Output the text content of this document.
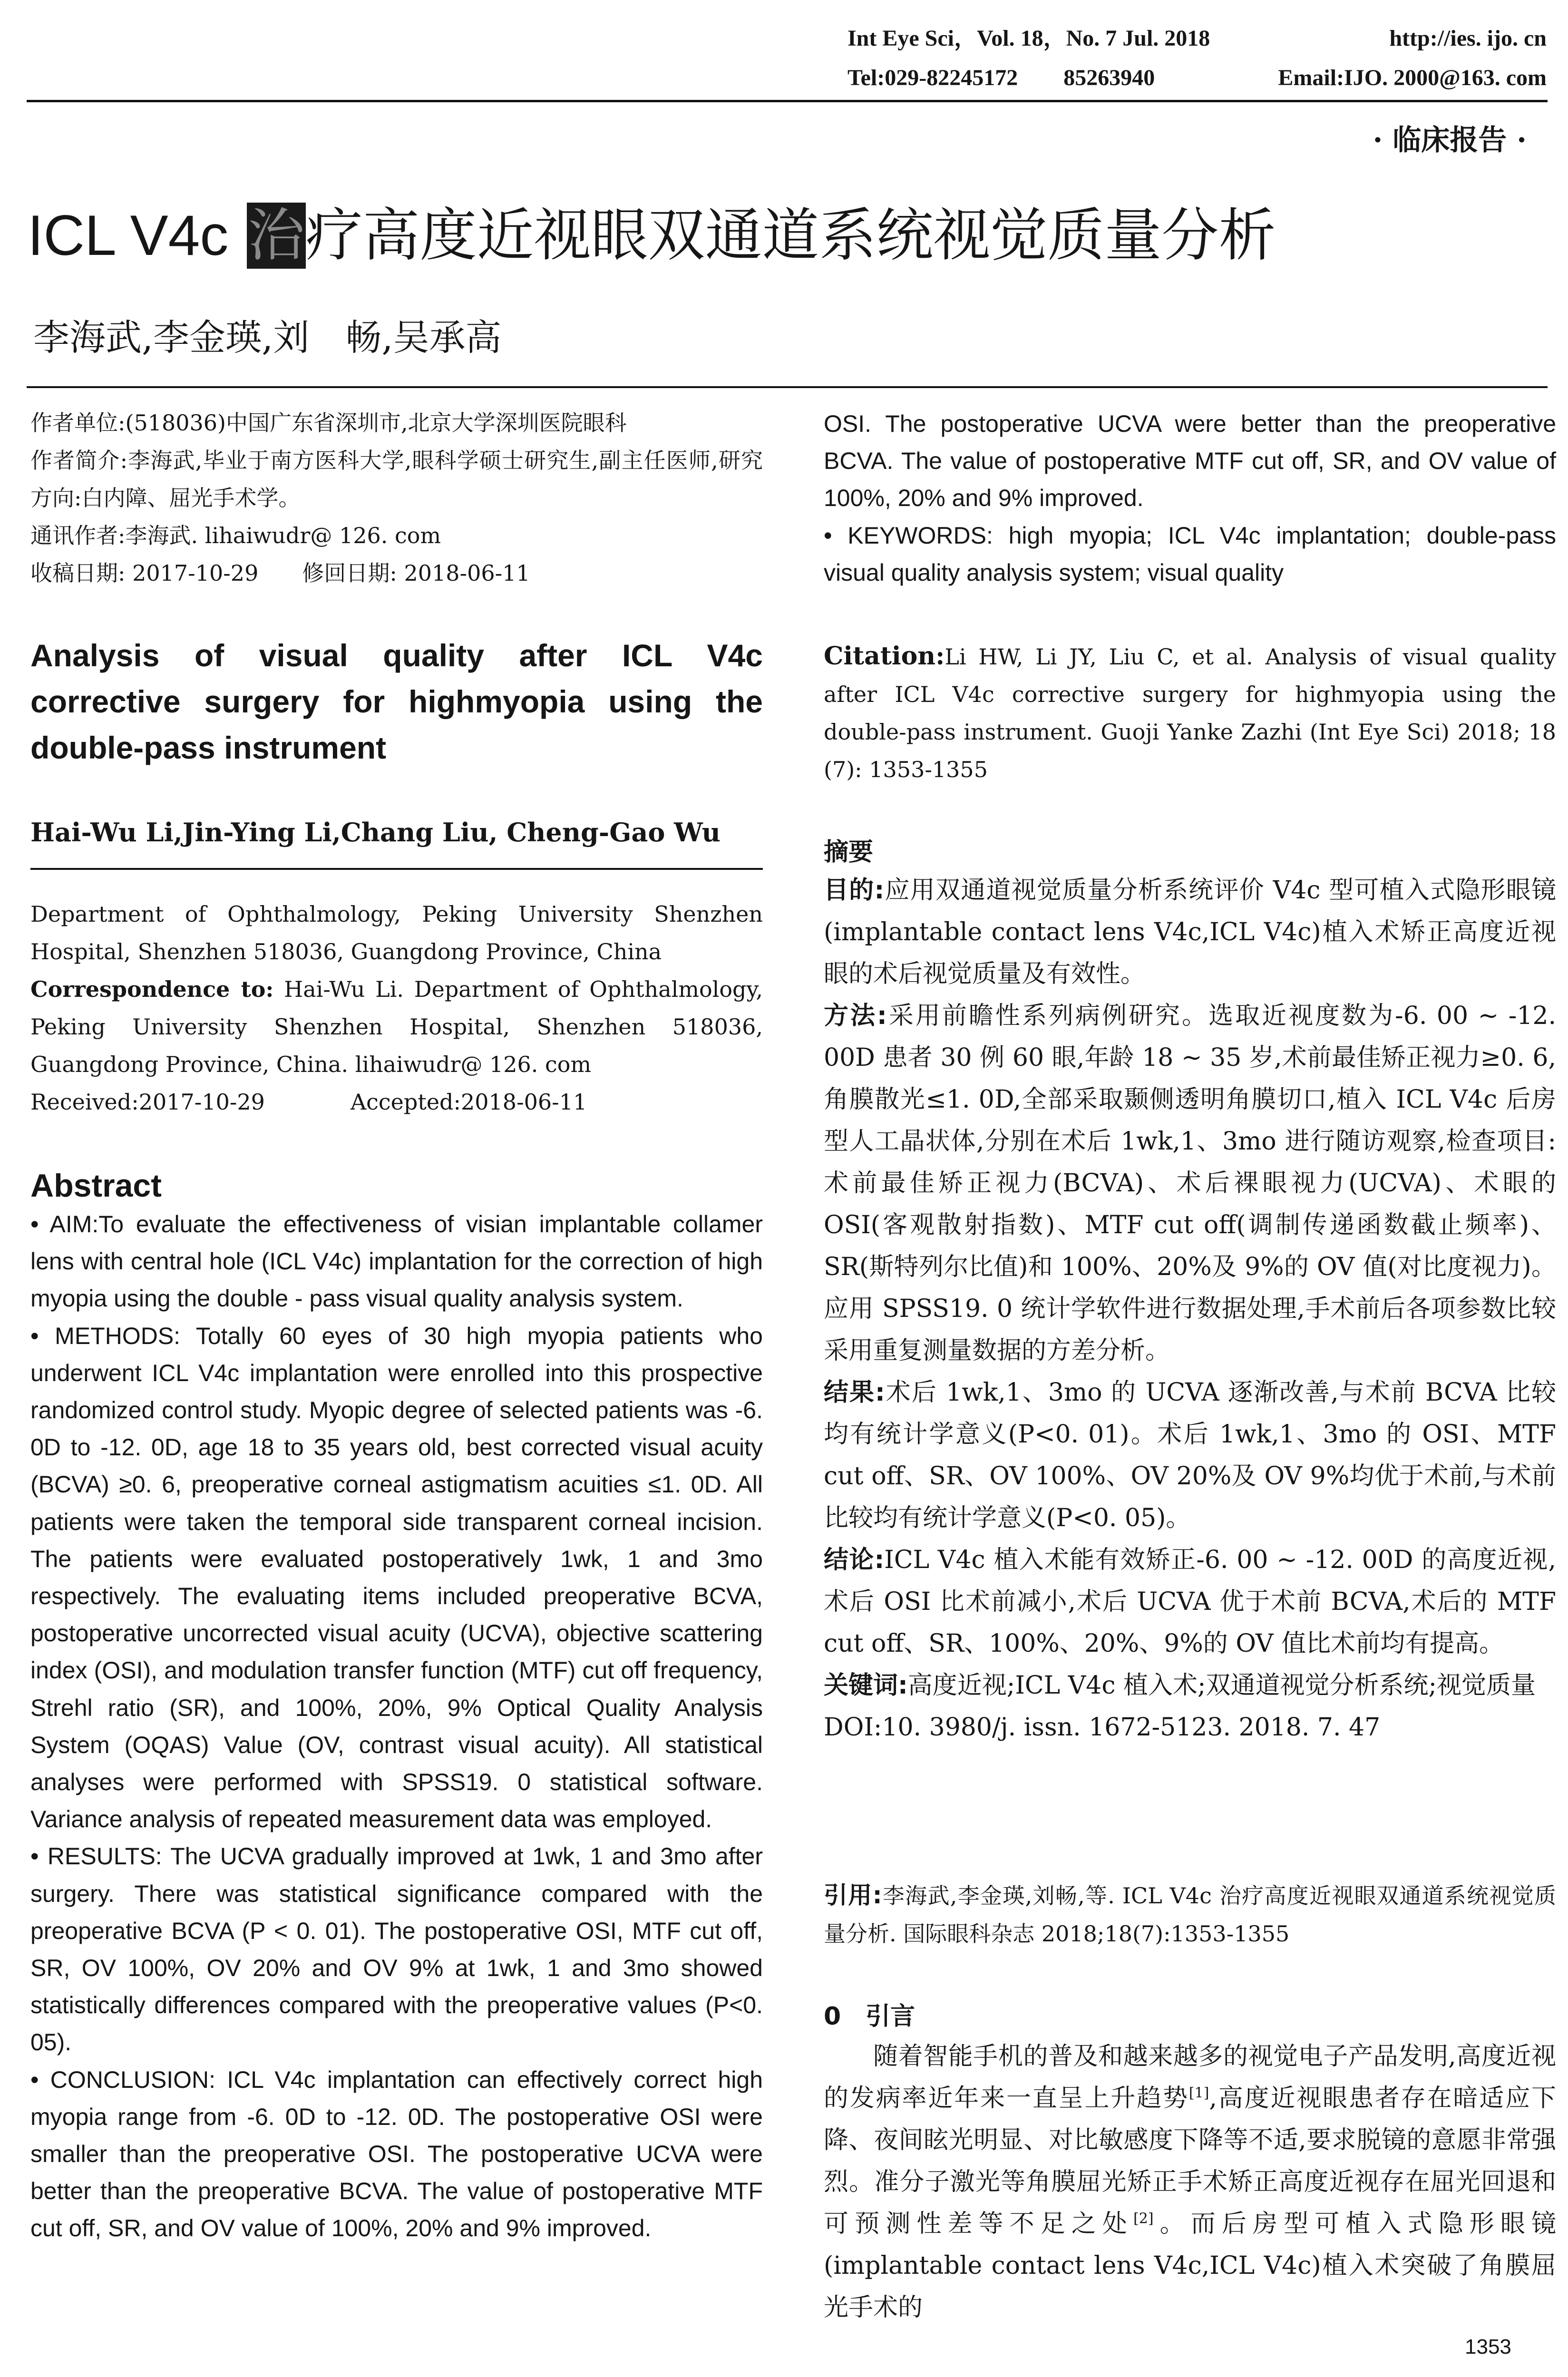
Int Eye Sci，Vol. 18，No. 7 Jul. 2018	http://ies. ijo. cn
Tel:029-82245172　　85263940	Email:IJO. 2000@163. com
· 临床报告 ·
ICL V4c 治疗高度近视眼双通道系统视觉质量分析
李海武,李金瑛,刘　畅,吴承高
作者单位:(518036)中国广东省深圳市,北京大学深圳医院眼科
作者简介:李海武,毕业于南方医科大学,眼科学硕士研究生,副主任医师,研究方向:白内障、屈光手术学。
通讯作者:李海武. lihaiwudr@ 126. com
收稿日期: 2017-10-29　　修回日期: 2018-06-11
Analysis of visual quality after ICL V4c corrective surgery for highmyopia using the double-pass instrument
Hai-Wu Li,Jin-Ying Li,Chang Liu, Cheng-Gao Wu
Department of Ophthalmology, Peking University Shenzhen Hospital, Shenzhen 518036, Guangdong Province, China
Correspondence to: Hai-Wu Li. Department of Ophthalmology, Peking University Shenzhen Hospital, Shenzhen 518036, Guangdong Province, China. lihaiwudr@ 126. com
Received:2017-10-29	Accepted:2018-06-11
Abstract
• AIM:To evaluate the effectiveness of visian implantable collamer lens with central hole (ICL V4c) implantation for the correction of high myopia using the double - pass visual quality analysis system.
• METHODS: Totally 60 eyes of 30 high myopia patients who underwent ICL V4c implantation were enrolled into this prospective randomized control study. Myopic degree of selected patients was -6. 0D to -12. 0D, age 18 to 35 years old, best corrected visual acuity (BCVA) ≥0. 6, preoperative corneal astigmatism acuities ≤1. 0D. All patients were taken the temporal side transparent corneal incision. The patients were evaluated postoperatively 1wk, 1 and 3mo respectively. The evaluating items included preoperative BCVA, postoperative uncorrected visual acuity (UCVA), objective scattering index (OSI), and modulation transfer function (MTF) cut off frequency, Strehl ratio (SR), and 100%, 20%, 9% Optical Quality Analysis System (OQAS) Value (OV, contrast visual acuity). All statistical analyses were performed with SPSS19. 0 statistical software. Variance analysis of repeated measurement data was employed.
• RESULTS: The UCVA gradually improved at 1wk, 1 and 3mo after surgery. There was statistical significance compared with the preoperative BCVA (P < 0. 01). The postoperative OSI, MTF cut off, SR, OV 100%, OV 20% and OV 9% at 1wk, 1 and 3mo showed statistically differences compared with the preoperative values (P<0. 05).
• CONCLUSION: ICL V4c implantation can effectively correct high myopia range from -6. 0D to -12. 0D. The postoperative OSI were smaller than the preoperative OSI. The postoperative UCVA were better than the preoperative BCVA. The value of postoperative MTF cut off, SR, and OV value of 100%, 20% and 9% improved.
OSI. The postoperative UCVA were better than the preoperative BCVA. The value of postoperative MTF cut off, SR, and OV value of 100%, 20% and 9% improved.
• KEYWORDS: high myopia; ICL V4c implantation; double-pass visual quality analysis system; visual quality
Citation:Li HW, Li JY, Liu C, et al. Analysis of visual quality after ICL V4c corrective surgery for highmyopia using the double-pass instrument. Guoji Yanke Zazhi (Int Eye Sci) 2018; 18 (7): 1353-1355
摘要
目的:应用双通道视觉质量分析系统评价 V4c 型可植入式隐形眼镜(implantable contact lens V4c,ICL V4c)植入术矫正高度近视眼的术后视觉质量及有效性。
方法:采用前瞻性系列病例研究。选取近视度数为-6. 00 ~ -12. 00D 患者 30 例 60 眼,年龄 18 ~ 35 岁,术前最佳矫正视力≥0. 6,角膜散光≤1. 0D,全部采取颞侧透明角膜切口,植入 ICL V4c 后房型人工晶状体,分别在术后 1wk,1、3mo 进行随访观察,检查项目:术前最佳矫正视力(BCVA)、术后裸眼视力(UCVA)、术眼的 OSI(客观散射指数)、MTF cut off(调制传递函数截止频率)、SR(斯特列尔比值)和 100%、20%及 9%的 OV 值(对比度视力)。应用 SPSS19. 0 统计学软件进行数据处理,手术前后各项参数比较采用重复测量数据的方差分析。
结果:术后 1wk,1、3mo 的 UCVA 逐渐改善,与术前 BCVA 比较均有统计学意义(P<0. 01)。术后 1wk,1、3mo 的 OSI、MTF cut off、SR、OV 100%、OV 20%及 OV 9%均优于术前,与术前比较均有统计学意义(P<0. 05)。
结论:ICL V4c 植入术能有效矫正-6. 00 ~ -12. 00D 的高度近视,术后 OSI 比术前减小,术后 UCVA 优于术前 BCVA,术后的 MTF cut off、SR、100%、20%、9%的 OV 值比术前均有提高。
关键词:高度近视;ICL V4c 植入术;双通道视觉分析系统;视觉质量
DOI:10. 3980/j. issn. 1672-5123. 2018. 7. 47
引用:李海武,李金瑛,刘畅,等. ICL V4c 治疗高度近视眼双通道系统视觉质量分析. 国际眼科杂志 2018;18(7):1353-1355
0　引言
随着智能手机的普及和越来越多的视觉电子产品发明,高度近视的发病率近年来一直呈上升趋势[1],高度近视眼患者存在暗适应下降、夜间眩光明显、对比敏感度下降等不适,要求脱镜的意愿非常强烈。准分子激光等角膜屈光矫正手术矫正高度近视存在屈光回退和可预测性差等不足之处[2]。而后房型可植入式隐形眼镜(implantable contact lens V4c,ICL V4c)植入术突破了角膜屈光手术的
1353
